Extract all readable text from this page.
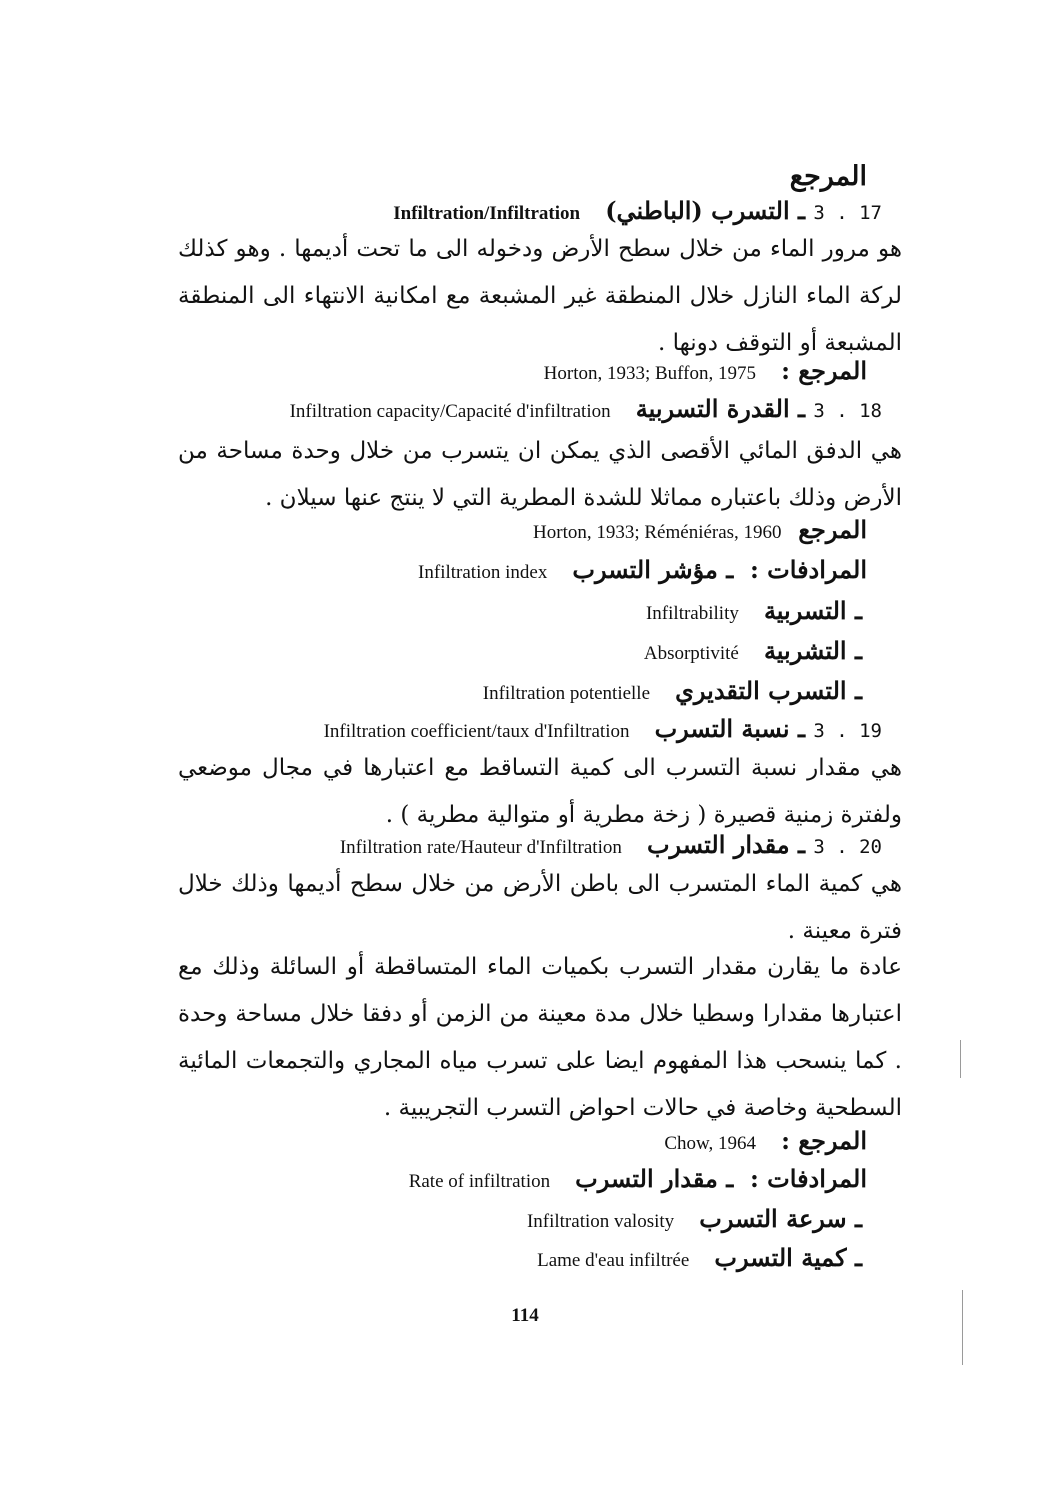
المرجع
3 . 17 ـ التسرب (الباطني)   Infiltration/Infiltration
هو مرور الماء من خلال سطح الأرض ودخوله الى ما تحت أديمها . وهو كذلك لركة الماء النازل خلال المنطقة غير المشبعة مع امكانية الانتهاء الى المنطقة المشبعة أو التوقف دونها .
المرجع :   Horton, 1933; Buffon, 1975
3 . 18 ـ القدرة التسربية   Infiltration capacity/Capacité d'infiltration
هي الدفق المائي الأقصى الذي يمكن ان يتسرب من خلال وحدة مساحة من الأرض وذلك باعتباره مماثلا للشدة المطرية التي لا ينتج عنها سيلان .
المرجع  Horton, 1933; Réméniéras, 1960
المرادفات :  ـ مؤشر التسرب   Infiltration index
ـ التسربية   Infiltrability
ـ التشربية   Absorptivité
ـ التسرب التقديري   Infiltration potentielle
3 . 19 ـ نسبة التسرب   Infiltration coefficient/taux d'Infiltration
هي مقدار نسبة التسرب الى كمية التساقط مع اعتبارها في مجال موضعي ولفترة زمنية قصيرة ( زخة مطرية أو متوالية مطرية ) .
3 . 20 ـ مقدار التسرب   Infiltration rate/Hauteur d'Infiltration
هي كمية الماء المتسرب الى باطن الأرض من خلال سطح أديمها وذلك خلال فترة معينة .
عادة ما يقارن مقدار التسرب بكميات الماء المتساقطة أو السائلة وذلك مع اعتبارها مقدارا وسطيا خلال مدة معينة من الزمن أو دفقا خلال مساحة وحدة . كما ينسحب هذا المفهوم ايضا على تسرب مياه المجاري والتجمعات المائية السطحية وخاصة في حالات احواض التسرب التجريبية .
المرجع :   Chow, 1964
المرادفات :  ـ مقدار التسرب   Rate of infiltration
ـ سرعة التسرب   Infiltration valosity
ـ كمية التسرب   Lame d'eau infiltrée
114
